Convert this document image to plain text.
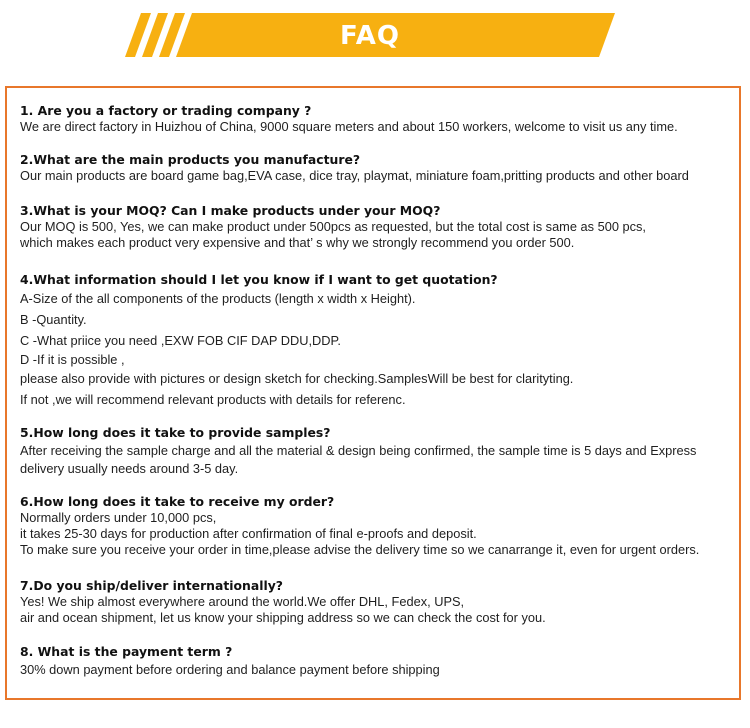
FAQ
1. Are you a factory or trading company ?
We are direct factory in Huizhou of China, 9000 square meters and about 150 workers, welcome to visit us any time.
2.What are the main products you manufacture?
Our main products are board game bag,EVA case, dice tray, playmat, miniature foam,pritting products and other board
3.What is your MOQ? Can I make products under your MOQ?
Our MOQ is 500, Yes, we can make product under 500pcs as requested, but the total cost is same as 500 pcs,
which makes each product very expensive and that’ s why we strongly recommend you order 500.
4.What information should I let you know if I want to get quotation?
A-Size of the all components of the products (length x width x Height).
B -Quantity.
C -What priice you need ,EXW FOB CIF DAP DDU,DDP.
D -If it is possible ,
please also provide with pictures or design sketch for checking.SamplesWill be best for clarityting.
If not ,we will recommend relevant products with details for referenc.
5.How long does it take to provide samples?
After receiving the sample charge and all the material & design being confirmed, the sample time is 5 days and Express
delivery usually needs around 3-5 day.
6.How long does it take to receive my order?
Normally orders under 10,000 pcs,
it takes 25-30 days for production after confirmation of final e-proofs and deposit.
To make sure you receive your order in time,please advise the delivery time so we canarrange it, even for urgent orders.
7.Do you ship/deliver internationally?
Yes! We ship almost everywhere around the world.We offer DHL, Fedex, UPS,
air and ocean shipment, let us know your shipping address so we can check the cost for you.
8. What is the payment term ?
30% down payment before ordering and balance payment before shipping
